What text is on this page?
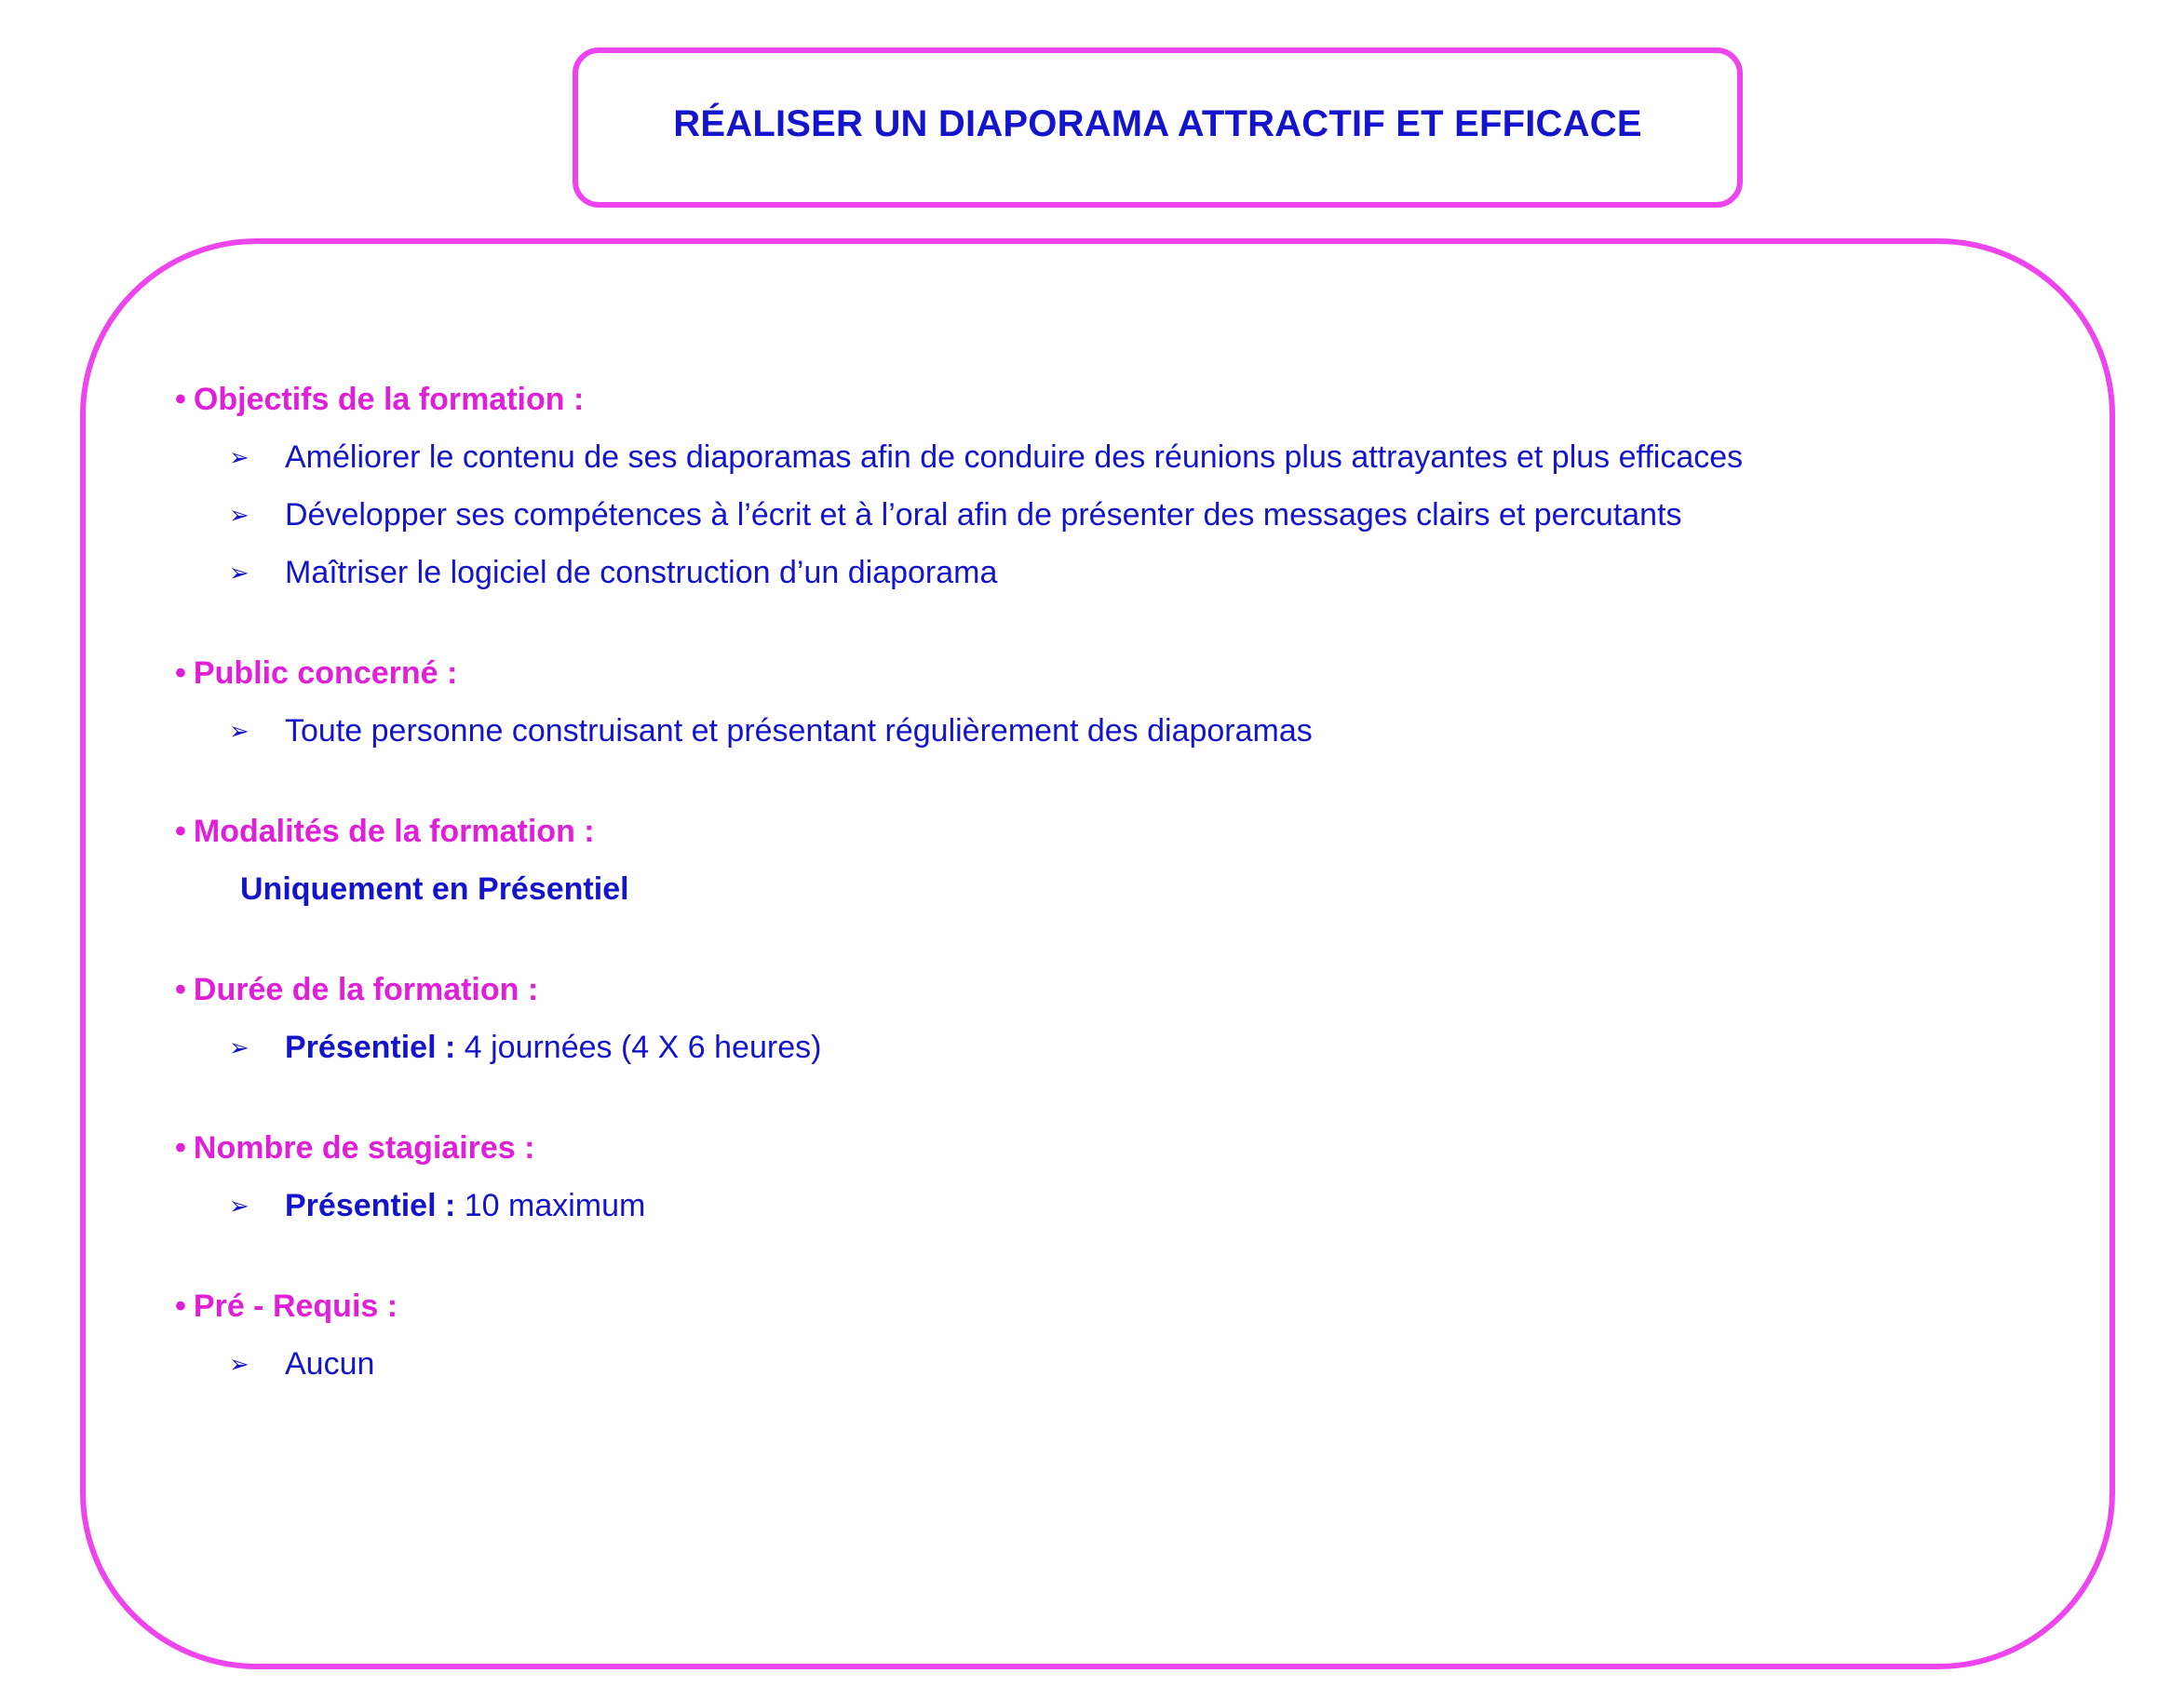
RÉALISER UN DIAPORAMA ATTRACTIF ET EFFICACE
• Objectifs de la formation :
➢ Améliorer le contenu de ses diaporamas afin de conduire des réunions plus attrayantes et plus efficaces
➢ Développer ses compétences à l’écrit et à l’oral afin de présenter des messages clairs et percutants
➢ Maîtriser le logiciel de construction d’un diaporama
• Public concerné :
➢ Toute personne construisant et présentant régulièrement des diaporamas
• Modalités de la formation :
Uniquement en Présentiel
• Durée de la formation :
➢ Présentiel : 4 journées (4 X 6 heures)
• Nombre de stagiaires :
➢ Présentiel : 10 maximum
• Pré - Requis :
➢ Aucun
